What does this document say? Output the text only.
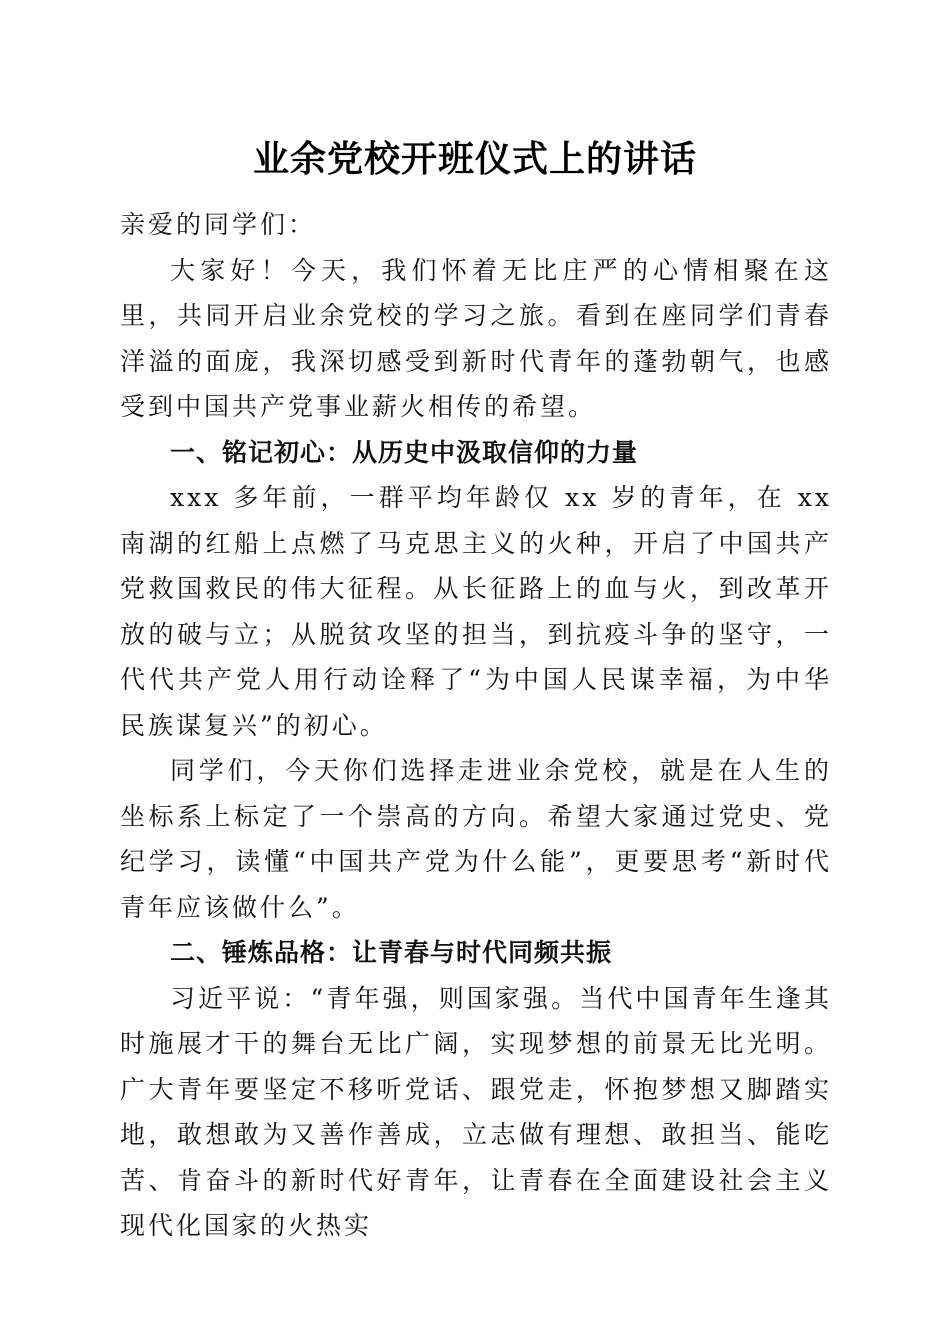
业余党校开班仪式上的讲话

亲爱的同学们：

大家好！今天，我们怀着无比庄严的心情相聚在这里，共同开启业余党校的学习之旅。看到在座同学们青春洋溢的面庞，我深切感受到新时代青年的蓬勃朝气，也感受到中国共产党事业薪火相传的希望。

一、铭记初心：从历史中汲取信仰的力量

xxx 多年前，一群平均年龄仅 xx 岁的青年，在 xx 南湖的红船上点燃了马克思主义的火种，开启了中国共产党救国救民的伟大征程。从长征路上的血与火，到改革开放的破与立；从脱贫攻坚的担当，到抗疫斗争的坚守，一代代共产党人用行动诠释了“为中国人民谋幸福，为中华民族谋复兴”的初心。

同学们，今天你们选择走进业余党校，就是在人生的坐标系上标定了一个崇高的方向。希望大家通过党史、党纪学习，读懂“中国共产党为什么能”，更要思考“新时代青年应该做什么”。

二、锤炼品格：让青春与时代同频共振

习近平说：“青年强，则国家强。当代中国青年生逢其时施展才干的舞台无比广阔，实现梦想的前景无比光明。广大青年要坚定不移听党话、跟党走，怀抱梦想又脚踏实地，敢想敢为又善作善成，立志做有理想、敢担当、能吃苦、肯奋斗的新时代好青年，让青春在全面建设社会主义现代化国家的火热实
